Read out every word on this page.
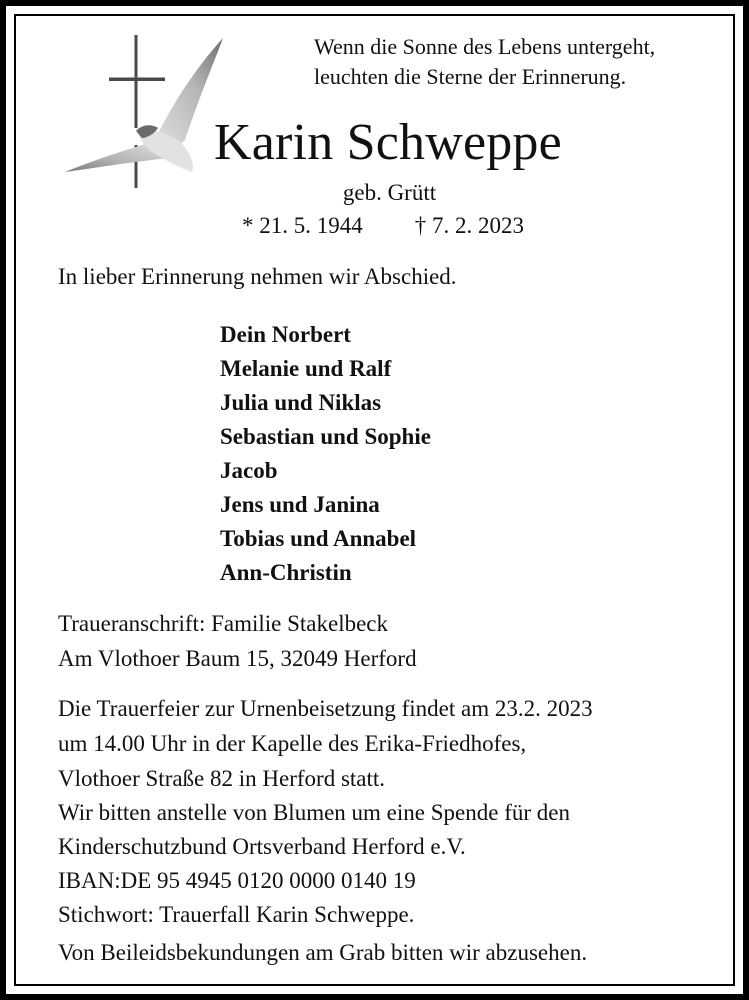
Wenn die Sonne des Lebens untergeht,
leuchten die Sterne der Erinnerung.
Karin Schweppe
geb. Grütt
* 21. 5. 1944 † 7. 2. 2023
In lieber Erinnerung nehmen wir Abschied.
Dein Norbert
Melanie und Ralf
Julia und Niklas
Sebastian und Sophie
Jacob
Jens und Janina
Tobias und Annabel
Ann-Christin
Traueranschrift: Familie Stakelbeck
Am Vlothoer Baum 15, 32049 Herford
Die Trauerfeier zur Urnenbeisetzung findet am 23.2. 2023
um 14.00 Uhr in der Kapelle des Erika-Friedhofes,
Vlothoer Straße 82 in Herford statt.
Wir bitten anstelle von Blumen um eine Spende für den
Kinderschutzbund Ortsverband Herford e.V.
IBAN:DE 95 4945 0120 0000 0140 19
Stichwort: Trauerfall Karin Schweppe.
Von Beileidsbekundungen am Grab bitten wir abzusehen.
